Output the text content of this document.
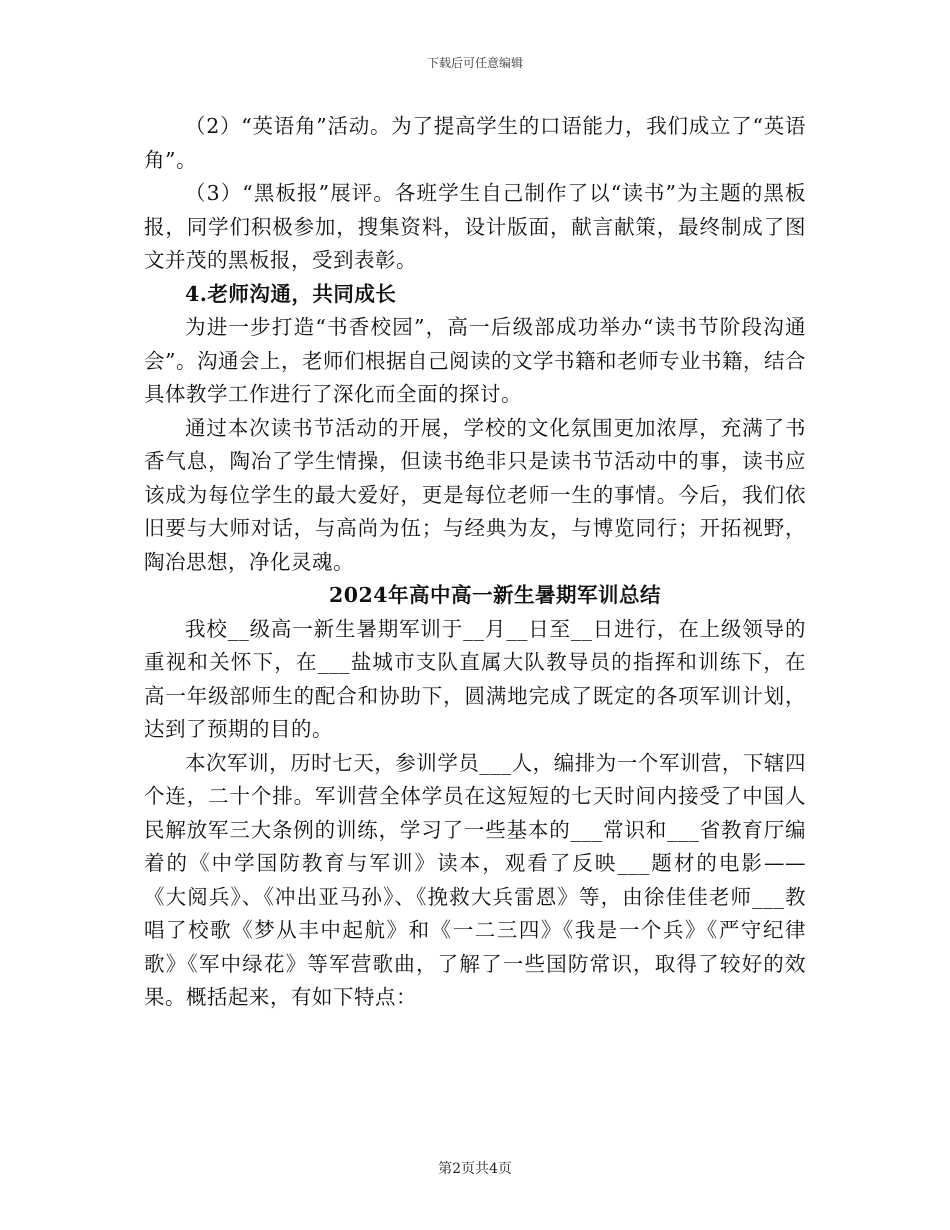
下载后可任意编辑

（2）“英语角”活动。为了提高学生的口语能力，我们成立了“英语角”。

（3）“黑板报”展评。各班学生自己制作了以“读书”为主题的黑板报，同学们积极参加，搜集资料，设计版面，献言献策，最终制成了图文并茂的黑板报，受到表彰。

4.老师沟通，共同成长

为进一步打造“书香校园”，高一后级部成功举办“读书节阶段沟通会”。沟通会上，老师们根据自己阅读的文学书籍和老师专业书籍，结合具体教学工作进行了深化而全面的探讨。

通过本次读书节活动的开展，学校的文化氛围更加浓厚，充满了书香气息，陶冶了学生情操，但读书绝非只是读书节活动中的事，读书应该成为每位学生的最大爱好，更是每位老师一生的事情。今后，我们依旧要与大师对话，与高尚为伍；与经典为友，与博览同行；开拓视野，陶冶思想，净化灵魂。

2024年高中高一新生暑期军训总结

我校__级高一新生暑期军训于__月__日至__日进行，在上级领导的重视和关怀下，在___盐城市支队直属大队教导员的指挥和训练下，在高一年级部师生的配合和协助下，圆满地完成了既定的各项军训计划，达到了预期的目的。

本次军训，历时七天，参训学员___人，编排为一个军训营，下辖四个连，二十个排。军训营全体学员在这短短的七天时间内接受了中国人民解放军三大条例的训练，学习了一些基本的___常识和___省教育厅编着的《中学国防教育与军训》读本，观看了反映___题材的电影——《大阅兵》、《冲出亚马孙》、《挽救大兵雷恩》等，由徐佳佳老师___教唱了校歌《梦从丰中起航》和《一二三四》《我是一个兵》《严守纪律歌》《军中绿花》等军营歌曲，了解了一些国防常识，取得了较好的效果。概括起来，有如下特点：

第2页共4页
